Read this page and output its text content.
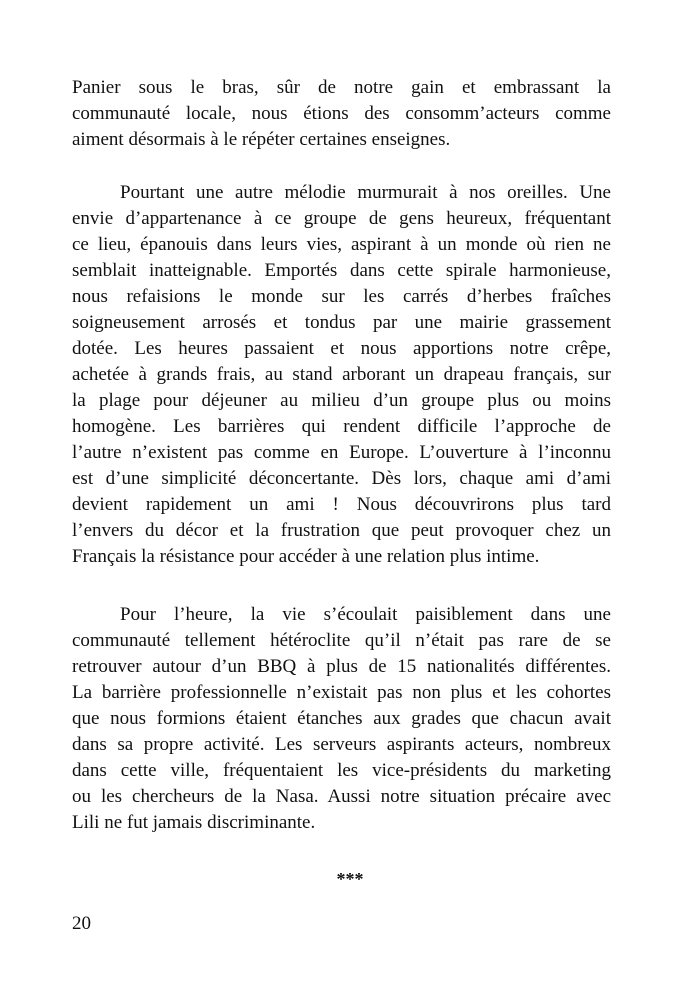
Panier sous le bras, sûr de notre gain et embrassant la
communauté locale, nous étions des consomm’acteurs comme
aiment désormais à le répéter certaines enseignes.
Pourtant une autre mélodie murmurait à nos oreilles. Une
envie d’appartenance à ce groupe de gens heureux, fréquentant
ce lieu, épanouis dans leurs vies, aspirant à un monde où rien ne
semblait inatteignable. Emportés dans cette spirale harmonieuse,
nous refaisions le monde sur les carrés d’herbes fraîches
soigneusement arrosés et tondus par une mairie grassement
dotée. Les heures passaient et nous apportions notre crêpe,
achetée à grands frais, au stand arborant un drapeau français, sur
la plage pour déjeuner au milieu d’un groupe plus ou moins
homogène. Les barrières qui rendent difficile l’approche de
l’autre n’existent pas comme en Europe. L’ouverture à l’inconnu
est d’une simplicité déconcertante. Dès lors, chaque ami d’ami
devient rapidement un ami ! Nous découvrirons plus tard
l’envers du décor et la frustration que peut provoquer chez un
Français la résistance pour accéder à une relation plus intime.
Pour l’heure, la vie s’écoulait paisiblement dans une
communauté tellement hétéroclite qu’il n’était pas rare de se
retrouver autour d’un BBQ à plus de 15 nationalités différentes.
La barrière professionnelle n’existait pas non plus et les cohortes
que nous formions étaient étanches aux grades que chacun avait
dans sa propre activité. Les serveurs aspirants acteurs, nombreux
dans cette ville, fréquentaient les vice-présidents du marketing
ou les chercheurs de la Nasa. Aussi notre situation précaire avec
Lili ne fut jamais discriminante.
***
20
